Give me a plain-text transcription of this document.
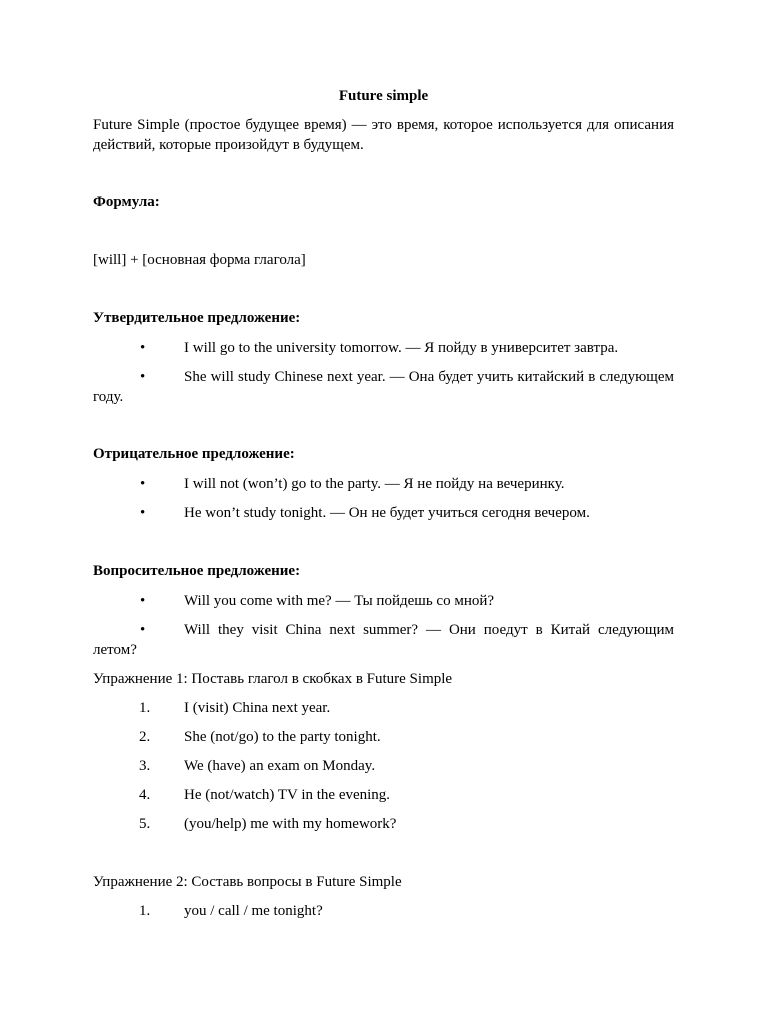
Future simple

Future Simple (простое будущее время) — это время, которое используется для описания действий, которые произойдут в будущем.

Формула:

[will] + [основная форма глагола]

Утвердительное предложение:

•	I will go to the university tomorrow. — Я пойду в университет завтра.

•	She will study Chinese next year. — Она будет учить китайский в следующем году.

Отрицательное предложение:

•	I will not (won’t) go to the party. — Я не пойду на вечеринку.

•	He won’t study tonight. — Он не будет учиться сегодня вечером.

Вопросительное предложение:

•	Will you come with me? — Ты пойдешь со мной?

•	Will they visit China next summer? — Они поедут в Китай следующим летом?

Упражнение 1: Поставь глагол в скобках в Future Simple

1. I (visit) China next year.

2. She (not/go) to the party tonight.

3. We (have) an exam on Monday.

4. He (not/watch) TV in the evening.

5. (you/help) me with my homework?

Упражнение 2: Составь вопросы в Future Simple

1. you / call / me tonight?
